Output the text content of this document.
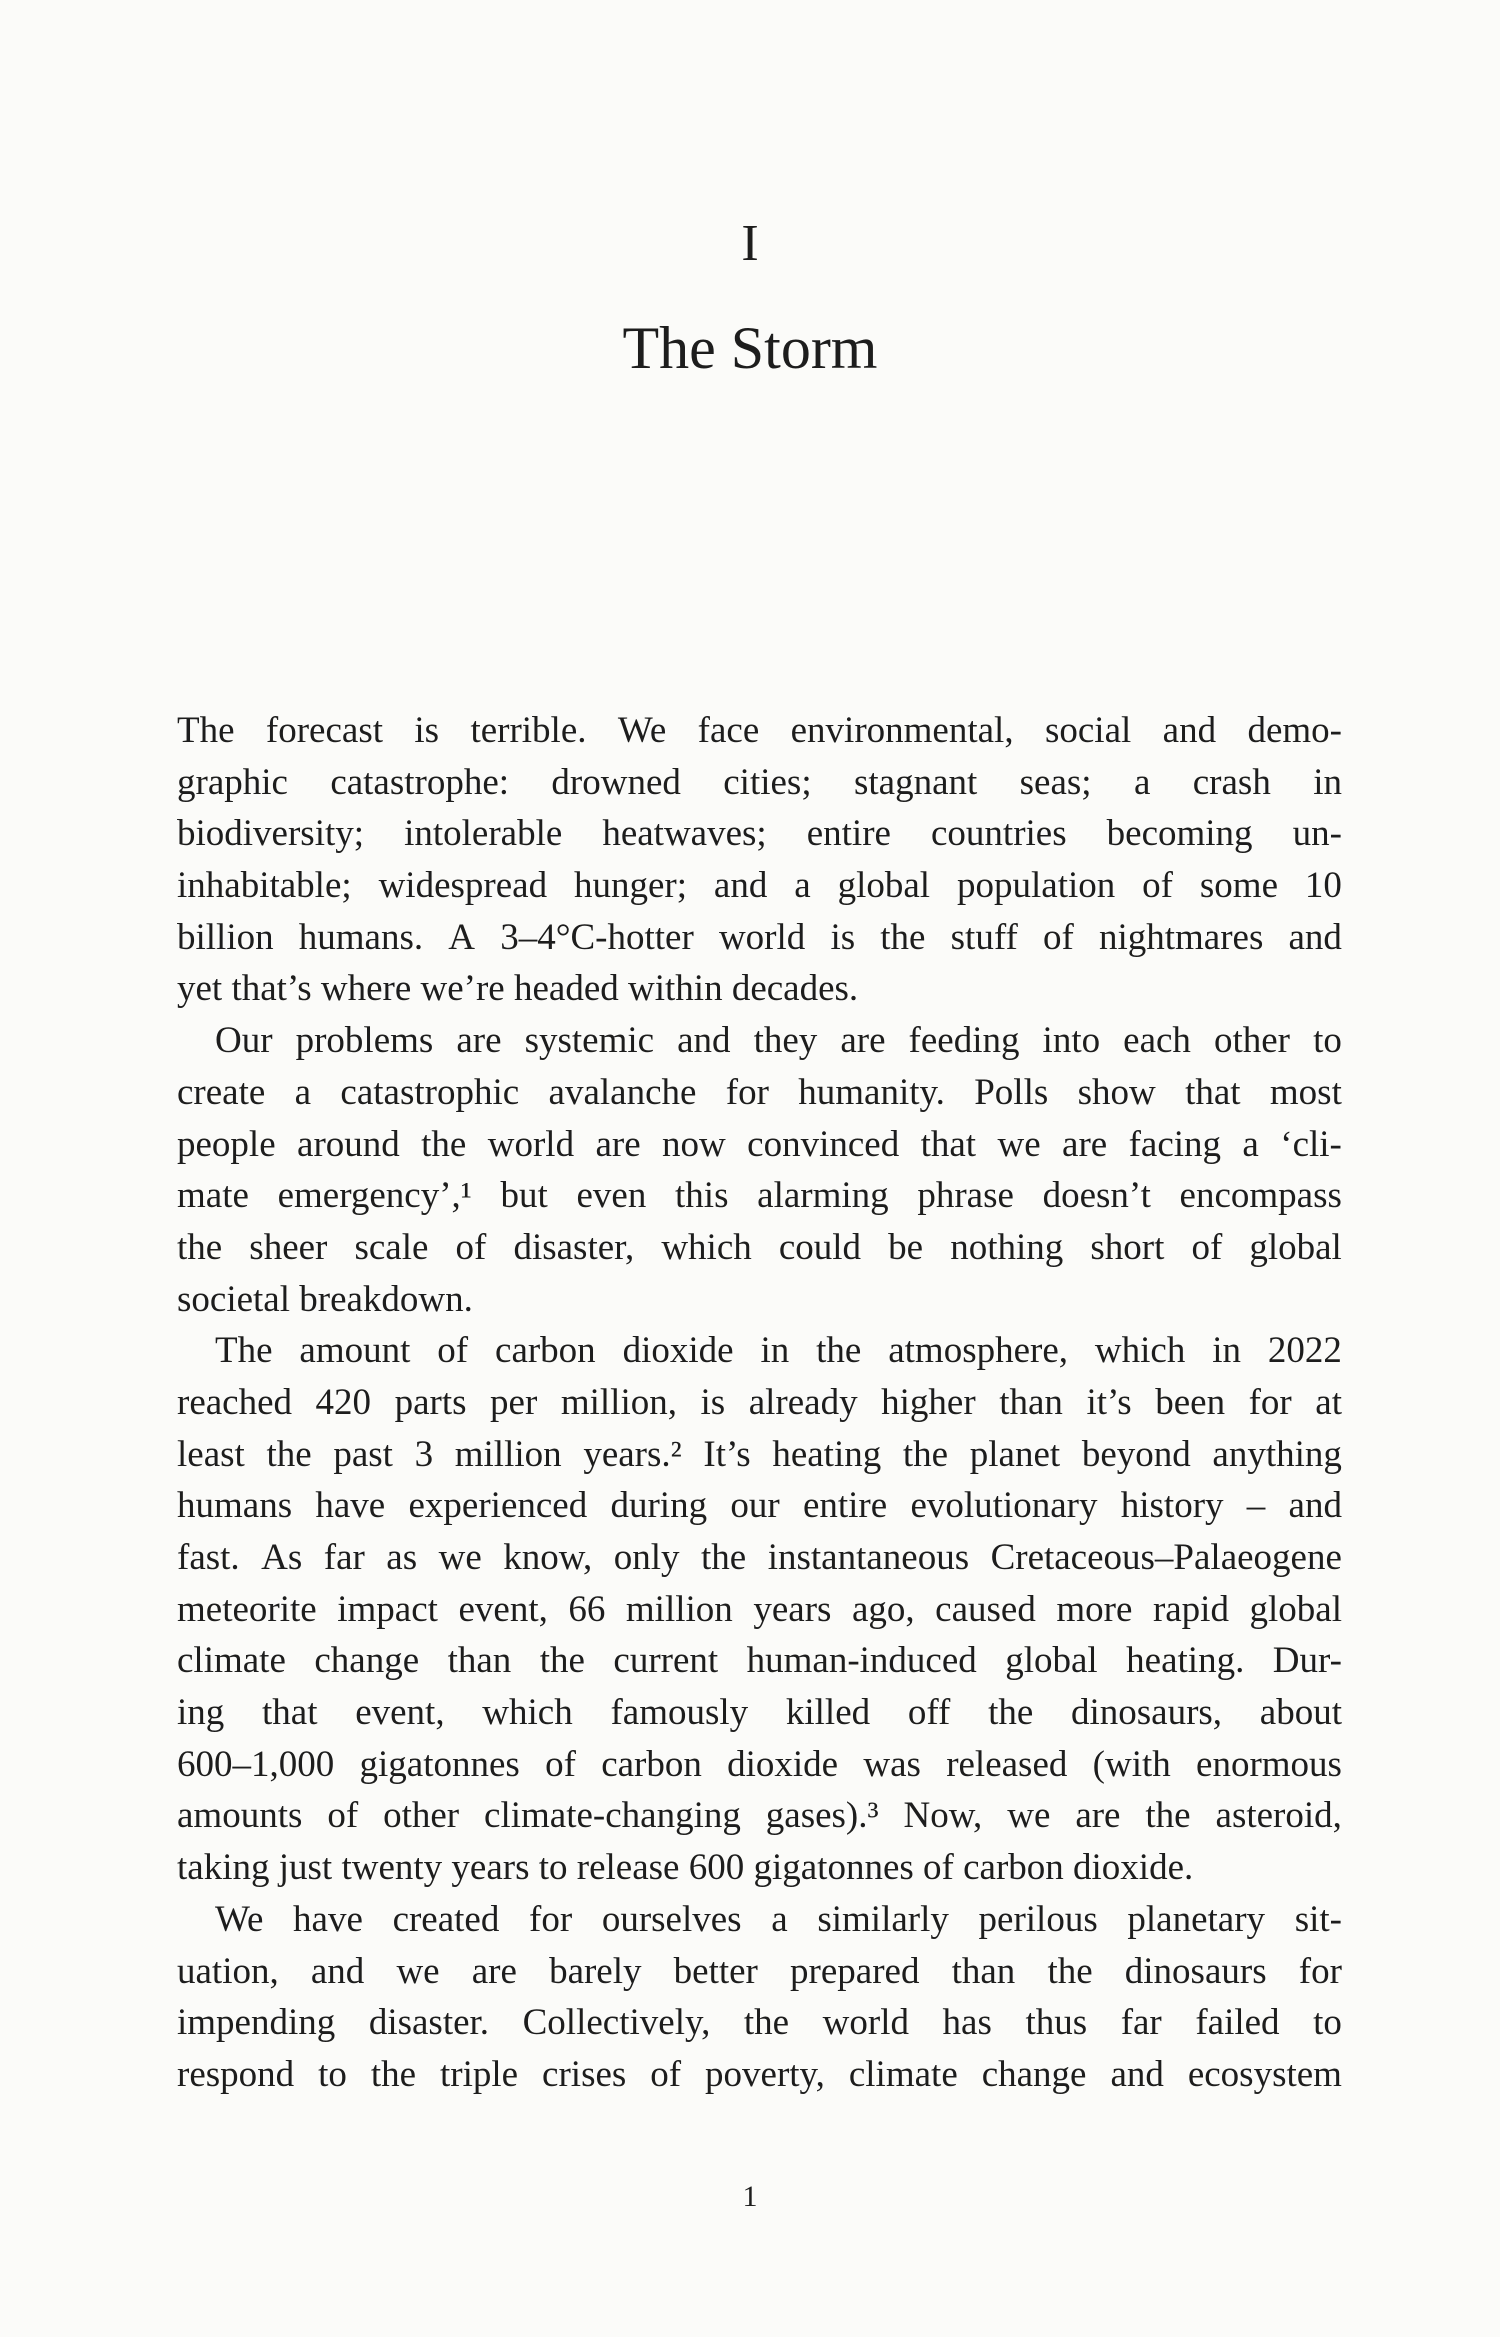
I
The Storm
The forecast is terrible. We face environmental, social and demo-
graphic catastrophe: drowned cities; stagnant seas; a crash in
biodiversity; intolerable heatwaves; entire countries becoming un-
inhabitable; widespread hunger; and a global population of some 10
billion humans. A 3–4°C-hotter world is the stuff of nightmares and
yet that’s where we’re headed within decades.
Our problems are systemic and they are feeding into each other to
create a catastrophic avalanche for humanity. Polls show that most
people around the world are now convinced that we are facing a ‘cli-
mate emergency’,¹ but even this alarming phrase doesn’t encompass
the sheer scale of disaster, which could be nothing short of global
societal breakdown.
The amount of carbon dioxide in the atmosphere, which in 2022
reached 420 parts per million, is already higher than it’s been for at
least the past 3 million years.² It’s heating the planet beyond anything
humans have experienced during our entire evolutionary history – and
fast. As far as we know, only the instantaneous Cretaceous–Palaeogene
meteorite impact event, 66 million years ago, caused more rapid global
climate change than the current human-induced global heating. Dur-
ing that event, which famously killed off the dinosaurs, about
600–1,000 gigatonnes of carbon dioxide was released (with enormous
amounts of other climate-changing gases).³ Now, we are the asteroid,
taking just twenty years to release 600 gigatonnes of carbon dioxide.
We have created for ourselves a similarly perilous planetary sit-
uation, and we are barely better prepared than the dinosaurs for
impending disaster. Collectively, the world has thus far failed to
respond to the triple crises of poverty, climate change and ecosystem
1
